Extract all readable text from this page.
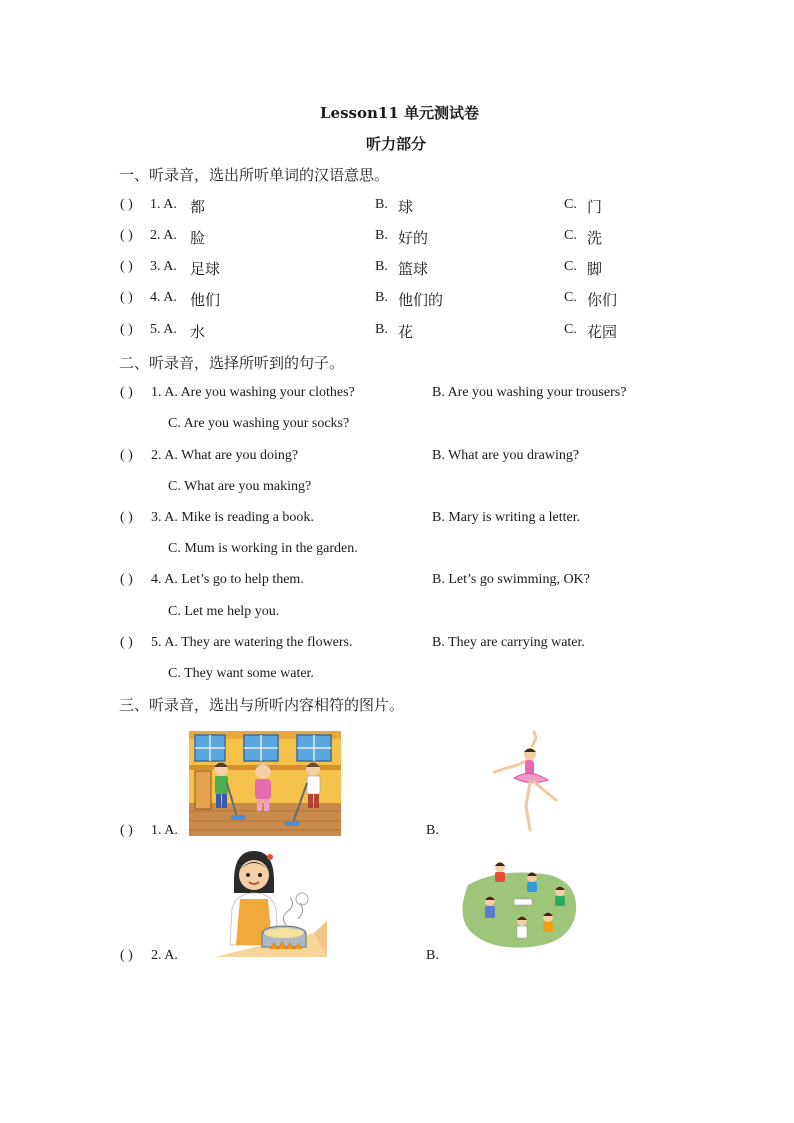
Lesson11 单元测试卷
听力部分
一、听录音，选出所听单词的汉语意思。
( ) 1. A. 都	B. 球	C. 门
( ) 2. A. 脸	B. 好的	C. 洗
( ) 3. A. 足球	B. 篮球	C. 脚
( ) 4. A. 他们	B. 他们的	C. 你们
( ) 5. A. 水	B. 花	C. 花园
二、听录音，选择所听到的句子。
( ) 1. A. Are you washing your clothes?	B. Are you washing your trousers?
C. Are you washing your socks?
( ) 2. A. What are you doing?	B. What are you drawing?
C. What are you making?
( ) 3. A. Mike is reading a book.	B. Mary is writing a letter.
C. Mum is working in the garden.
( ) 4. A. Let’s go to help them.	B. Let’s go swimming, OK?
C. Let me help you.
( ) 5. A. They are watering the flowers.	B. They are carrying water.
C. They want some water.
三、听录音，选出与所听内容相符的图片。
( ) 1. A.	B.
( ) 2. A.	B.
